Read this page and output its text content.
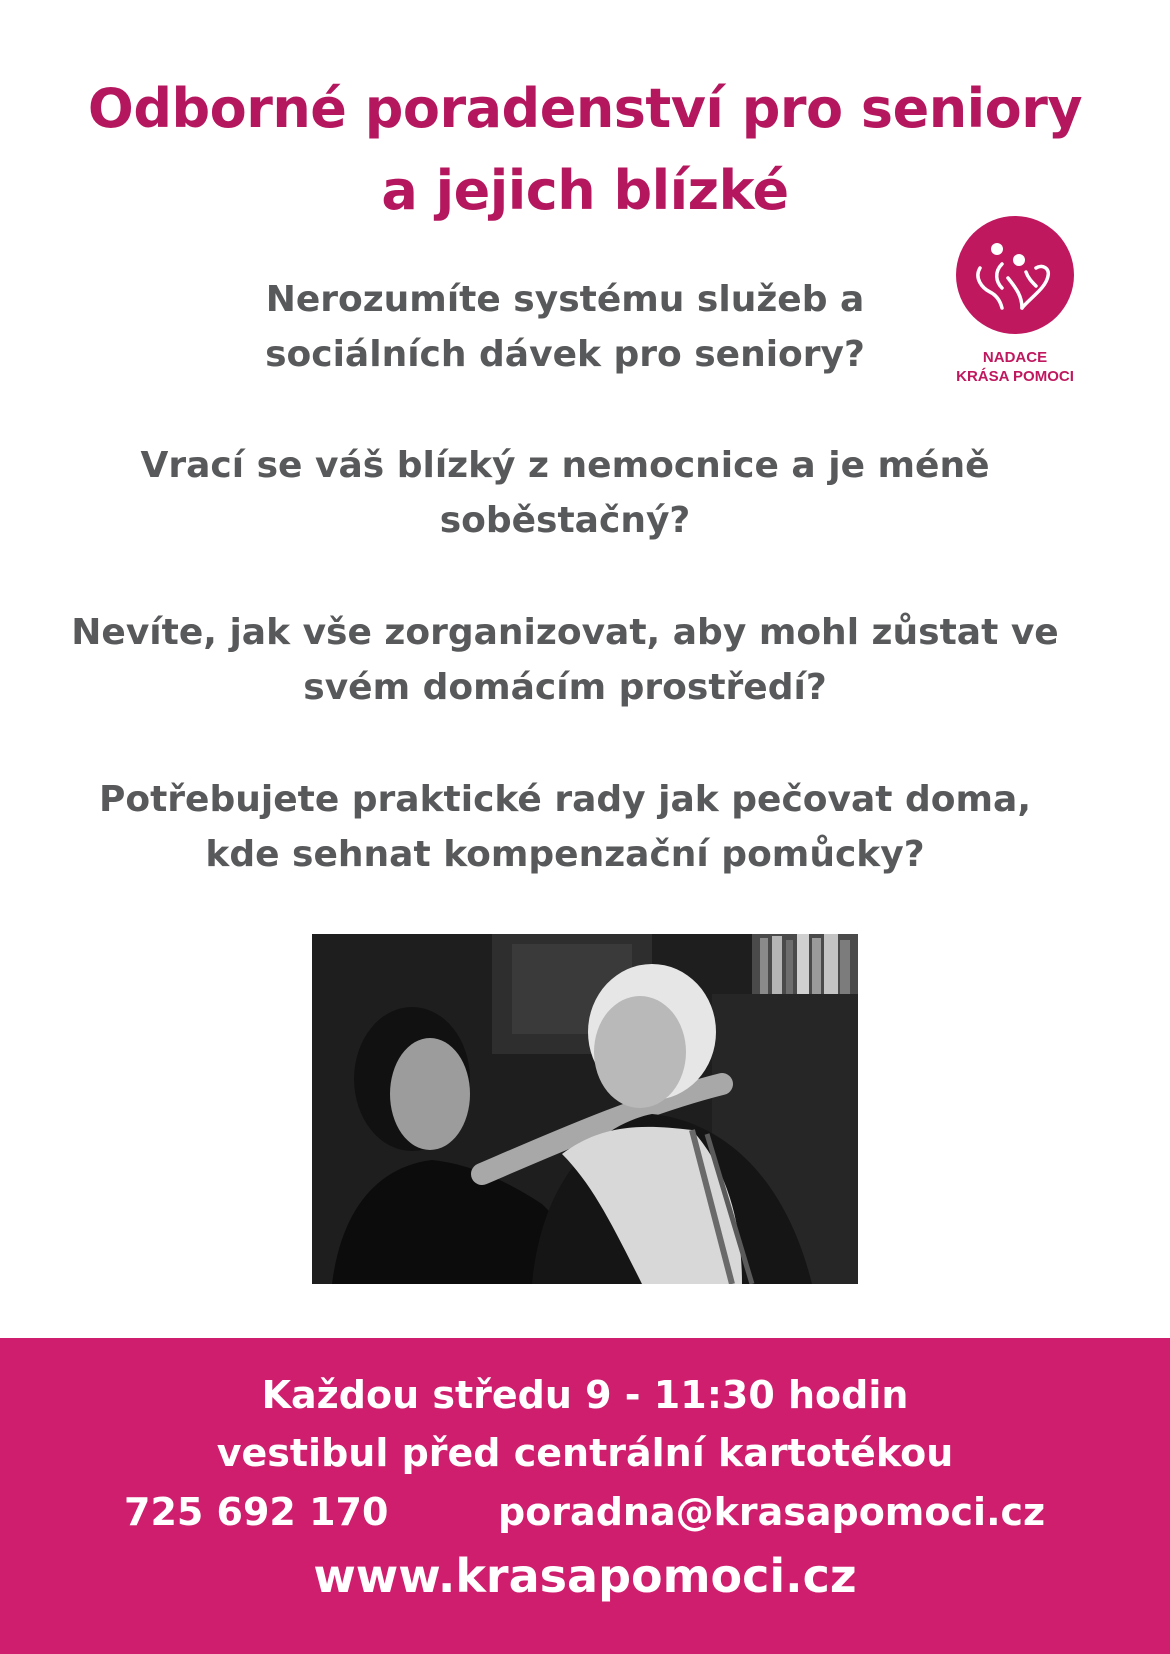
Odborné poradenství pro seniory
a jejich blízké
NADACE
KRÁSA POMOCI
Nerozumíte systému služeb a
sociálních dávek pro seniory?
Vrací se váš blízký z nemocnice a je méně
soběstačný?
Nevíte, jak vše zorganizovat, aby mohl zůstat ve
svém domácím prostředí?
Potřebujete praktické rady jak pečovat doma,
kde sehnat kompenzační pomůcky?
Každou středu 9 - 11:30 hodin
vestibul před centrální kartotékou
725 692 170	poradna@krasapomoci.cz
www.krasapomoci.cz
